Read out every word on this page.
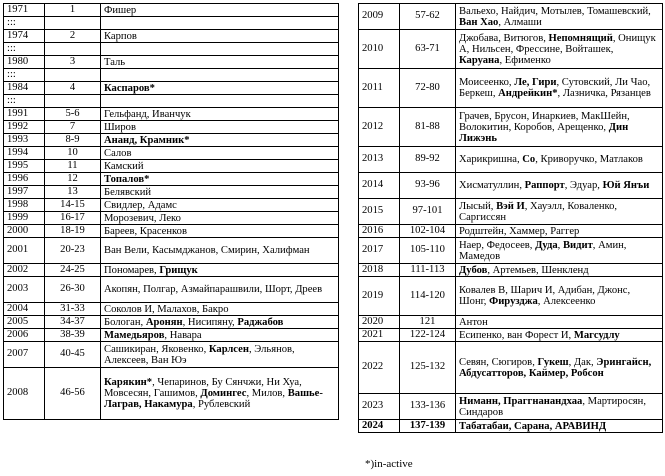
1971	1	Фишер
:::		
1974	2	Карпов
:::		
1980	3	Таль
:::		
1984	4	Каспаров*
:::		
1991	5-6	Гельфанд, Иванчук
1992	7	Широв
1993	8-9	Ананд, Крамник*
1994	10	Салов
1995	11	Камский
1996	12	Топалов*
1997	13	Белявский
1998	14-15	Свидлер, Адамс
1999	16-17	Морозевич, Леко
2000	18-19	Бареев, Красенков
2001	20-23	Ван Вели, Касымджанов, Смирин, Халифман
2002	24-25	Пономарев, Грищук
2003	26-30	Акопян, Полгар, Азмайпарашвили, Шорт, Дреев
2004	31-33	Соколов И, Малахов, Бакро
2005	34-37	Бологан, Аронян, Нисипяну, Раджабов
2006	38-39	Мамедьяров, Навара
2007	40-45	Сашикиран, Яковенко, Карлсен, Эльянов, Алексеев, Ван Юэ
2008	46-56	Карякин*, Чепаринов, Бу Сянчжи, Ни Хуа, Мовсесян, Гашимов, Домингес, Милов, Вашье-Лаграв, Накамура, Рублевский
2009	57-62	Вальехо, Найдич, Мотылев, Томашевский, Ван Хао, Алмаши
2010	63-71	Джобава, Витюгов, Непомнящий, Онищук А, Нильсен, Фрессине, Войташек, Каруана, Ефименко
2011	72-80	Моисеенко, Ле, Гири, Сутовский, Ли Чао, Беркеш, Андрейкин*, Лазничка, Рязанцев
2012	81-88	Грачев, Брусон, Инаркиев, МакШейн, Волокитин, Коробов, Арещенко, Дин Лижэнь
2013	89-92	Харикришна, Со, Криворучко, Матлаков
2014	93-96	Хисматуллин, Раппорт, Эдуар, Юй Янъи
2015	97-101	Лысый, Вэй И, Хауэлл, Коваленко, Саргиссян
2016	102-104	Родштейн, Хаммер, Раггер
2017	105-110	Наер, Федосеев, Дуда, Видит, Амин, Мамедов
2018	111-113	Дубов, Артемьев, Шенкленд
2019	114-120	Ковалев В, Шарич И, Адибан, Джонс, Шонг, Фирузджа, Алексеенко
2020	121	Антон
2021	122-124	Есипенко, ван Форест И, Магсудлу
2022	125-132	Севян, Сюгиров, Гукеш, Дак, Эрингайсн, Абдусатторов, Каймер, Робсон
2023	133-136	Ниманн, Праггнанандхаа, Мартиросян, Синдаров
2024	137-139	Табатабаи, Сарана, АРАВИНД
*)in-active
